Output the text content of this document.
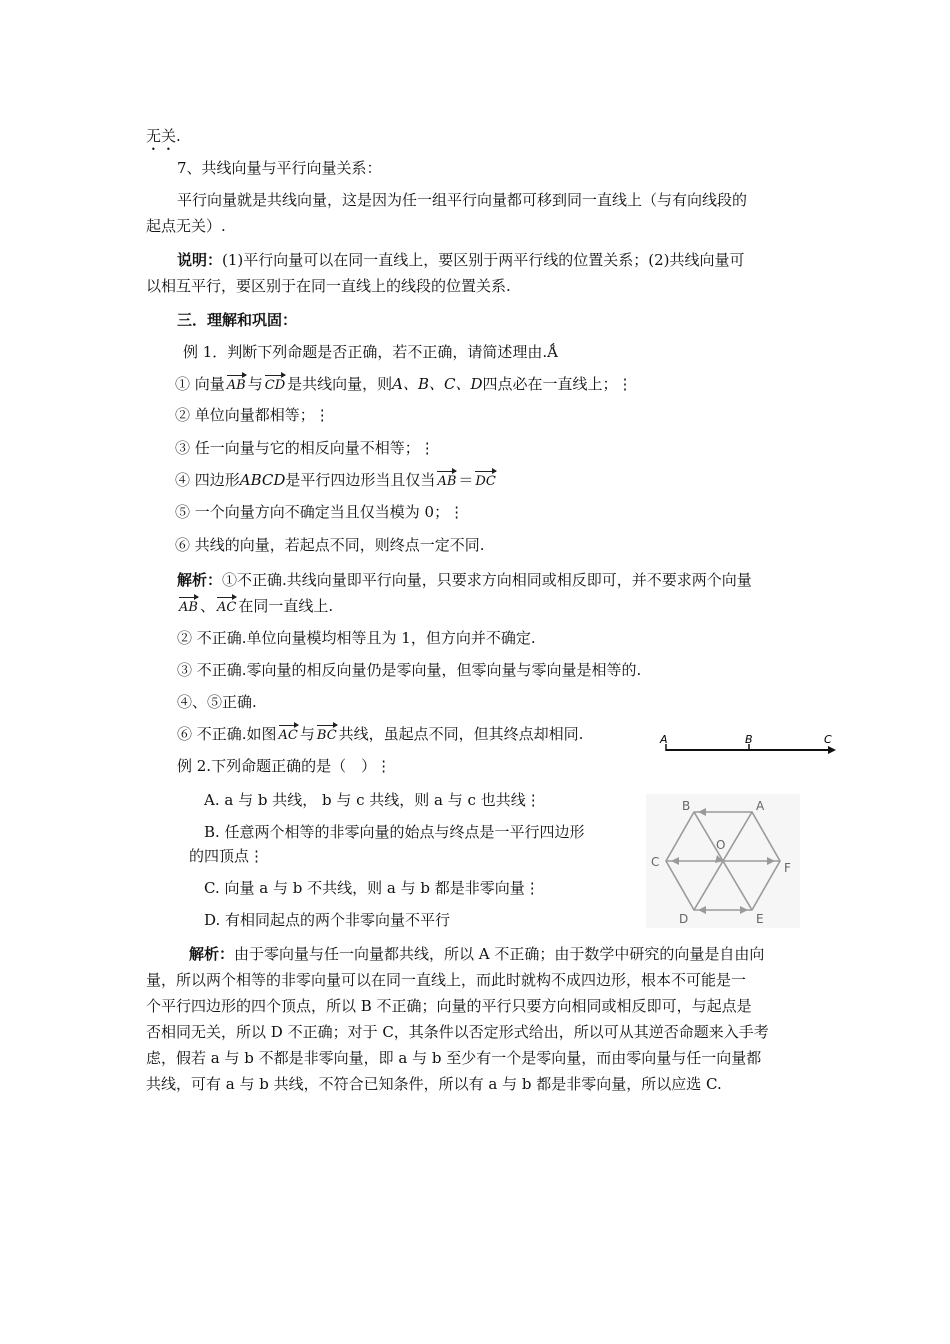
无关.
7、共线向量与平行向量关系：
平行向量就是共线向量，这是因为任一组平行向量都可移到同一直线上（与有向线段的
起点无关）.
说明：(1)平行向量可以在同一直线上，要区别于两平行线的位置关系；(2)共线向量可
以相互平行，要区别于在同一直线上的线段的位置关系.
三．理解和巩固：
例 1．判断下列命题是否正确，若不正确，请简述理由.Ǻ
① 向量 AB 与 CD 是共线向量，则A、B、C、D四点必在一直线上；⋮
② 单位向量都相等；⋮
③ 任一向量与它的相反向量不相等；⋮
④ 四边形ABCD是平行四边形当且仅当 AB ＝ DC
⑤ 一个向量方向不确定当且仅当模为 0；⋮
⑥ 共线的向量，若起点不同，则终点一定不同.
解析：①不正确.共线向量即平行向量，只要求方向相同或相反即可，并不要求两个向量
AB 、 AC 在同一直线上.
② 不正确.单位向量模均相等且为 1，但方向并不确定.
③ 不正确.零向量的相反向量仍是零向量，但零向量与零向量是相等的.
④、⑤正确.
⑥ 不正确.如图 AC 与 BC 共线，虽起点不同，但其终点却相同.	A	B	C
例 2.下列命题正确的是（　）⋮
A. a 与 b 共线， b 与 c 共线，则 a 与 c 也共线⋮
B. 任意两个相等的非零向量的始点与终点是一平行四边形
的四顶点⋮
C. 向量 a 与 b 不共线，则 a 与 b 都是非零向量⋮
D. 有相同起点的两个非零向量不平行
B	A
C	F
O
D	E
解析：由于零向量与任一向量都共线，所以 A 不正确；由于数学中研究的向量是自由向
量，所以两个相等的非零向量可以在同一直线上，而此时就构不成四边形，根本不可能是一
个平行四边形的四个顶点，所以 B 不正确；向量的平行只要方向相同或相反即可，与起点是
否相同无关，所以 D 不正确；对于 C，其条件以否定形式给出，所以可从其逆否命题来入手考
虑，假若 a 与 b 不都是非零向量，即 a 与 b 至少有一个是零向量，而由零向量与任一向量都
共线，可有 a 与 b 共线，不符合已知条件，所以有 a 与 b 都是非零向量，所以应选 C.
